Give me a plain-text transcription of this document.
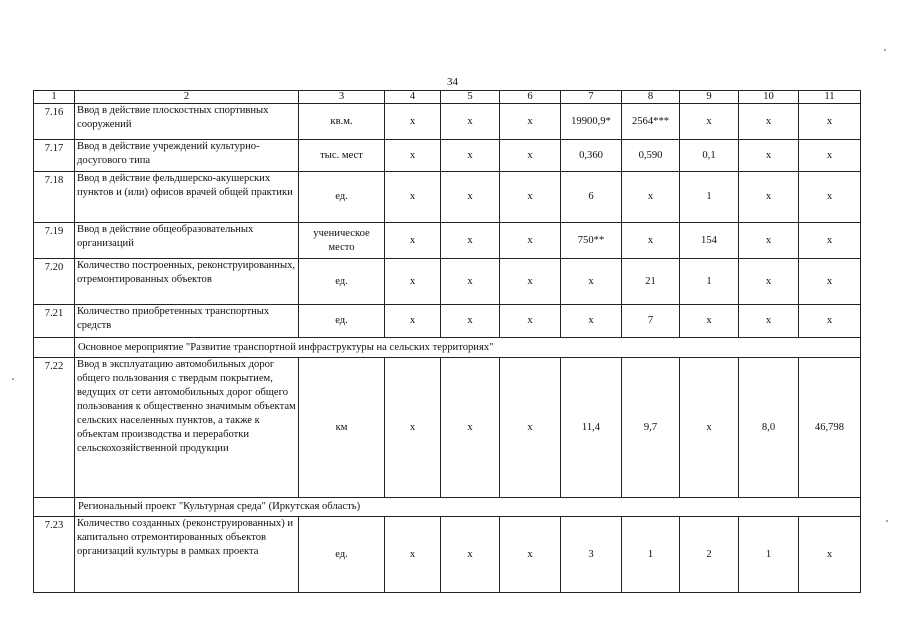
34
1	2	3	4	5	6	7	8	9	10	11
7.16	Ввод в действие плоскостных спортивных сооружений	кв.м.	х	х	х	19900,9*	2564***	х	х	х
7.17	Ввод в действие учреждений культурно-досугового типа	тыс. мест	х	х	х	0,360	0,590	0,1	х	х
7.18	Ввод в действие фельдшерско-акушерских пунктов и (или) офисов врачей общей практики	ед.	х	х	х	6	х	1	х	х
7.19	Ввод в действие общеобразовательных организаций	ученическое место	х	х	х	750**	х	154	х	х
7.20	Количество построенных, реконструированных, отремонтированных объектов	ед.	х	х	х	х	21	1	х	х
7.21	Количество приобретенных транспортных средств	ед.	х	х	х	х	7	х	х	х
	Основное мероприятие "Развитие транспортной инфраструктуры на сельских территориях"									
7.22	Ввод в эксплуатацию автомобильных дорог общего пользования с твердым покрытием, ведущих от сети автомобильных дорог общего пользования к общественно значимым объектам сельских населенных пунктов, а также к объектам производства и переработки сельскохозяйственной продукции	км	х	х	х	11,4	9,7	х	8,0	46,798
	Региональный проект "Культурная среда" (Иркутская область)									
7.23	Количество созданных (реконструированных) и капитально отремонтированных объектов организаций культуры в рамках проекта	ед.	х	х	х	3	1	2	1	х
